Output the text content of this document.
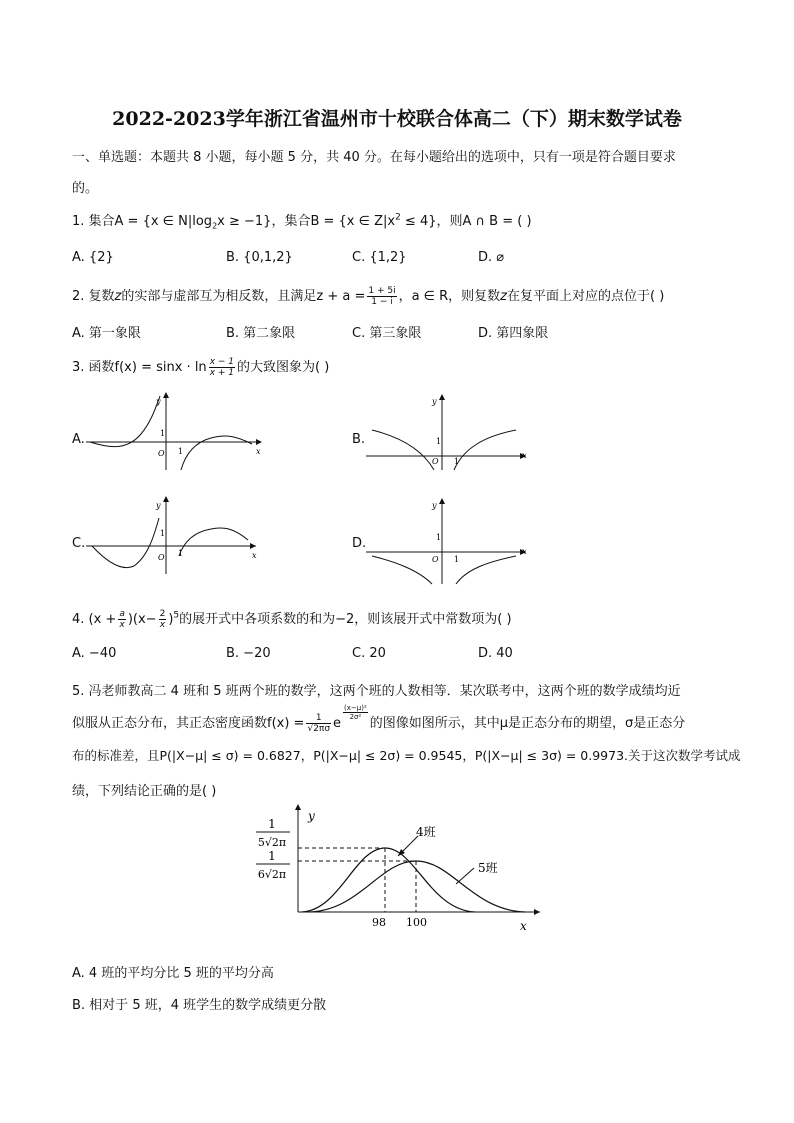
2022-2023学年浙江省温州市十校联合体高二（下）期末数学试卷
一、单选题：本题共 8 小题，每小题 5 分，共 40 分。在每小题给出的选项中，只有一项是符合题目要求
的。
1. 集合A = {x ∈ $N|\log_2x \ge -1$}，集合B = {x ∈ $Z|x^2 \le 4$}，则A ∩ B = ( )
A. {2}	B. {0,1,2}	C. {1,2}	D. ⌀
2. 复数z的实部与虚部互为相反数，且满足$z + a = \frac{1 + 5i}{1 - i}$ ，a ∈ R，则复数z在复平面上对应的点位于( )
A. 第一象限	B. 第二象限	C. 第三象限	D. 第四象限
3. 函数$f(x) = \sin x \cdot \ln \frac{x - 1}{x + 1}$ 的大致图象为( )
A.	B.
C.	D.
y
x
O
1
1
y
x
O
1
1
y
x
O
1
1
y
x
O
1
1
4. $(x + \frac{a}{x} )(x- \frac{2}{x} )^5$的展开式中各项系数的和为−2，则该展开式中常数项为( )
A. −40	B. −20	C. 20	D. 40
5. 冯老师教高二 4 班和 5 班两个班的数学，这两个班的人数相等．某次联考中，这两个班的数学成绩均近
似服从正态分布，其正态密度函数$f(x) = \frac{1}{√2\pi\sigma}$ e
$\frac{\text{(x−μ)²}}{\text{2σ²}}$
的图像如图所示，其中μ是正态分布的期望，σ是正态分
布的标准差，且P(|X−μ| ≤ σ) = 0.6827，P(|X−μ| ≤ 2σ) = 0.9545，P(|X−μ| ≤ 3σ) = 0.9973.关于这次数学考试成
绩，下列结论正确的是( )
y
x
4班
5班
98 100
1
5√2π
1
6√2π
A. 4 班的平均分比 5 班的平均分高
B. 相对于 5 班，4 班学生的数学成绩更分散
